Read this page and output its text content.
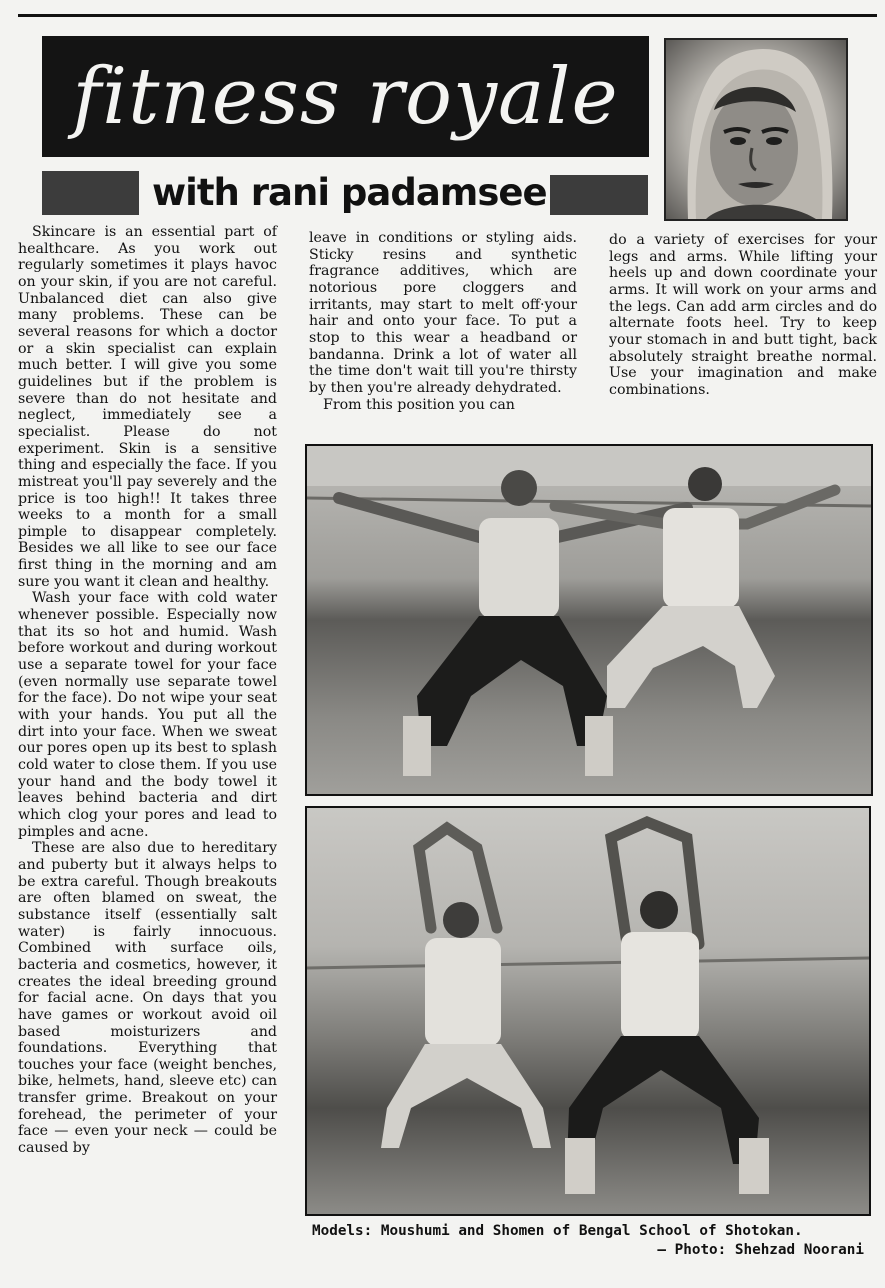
fitness royale
with rani padamsee

Skincare is an essential part of healthcare. As you work out regularly sometimes it plays havoc on your skin, if you are not careful. Unbalanced diet can also give many problems. These can be several reasons for which a doctor or a skin specialist can explain much better. I will give you some guidelines but if the problem is severe than do not hesitate and neglect, immediately see a specialist. Please do not experiment. Skin is a sensitive thing and especially the face. If you mistreat you'll pay severely and the price is too high!! It takes three weeks to a month for a small pimple to disappear completely. Besides we all like to see our face first thing in the morning and am sure you want it clean and healthy.

Wash your face with cold water whenever possible. Especially now that its so hot and humid. Wash before workout and during workout use a separate towel for your face (even normally use separate towel for the face). Do not wipe your seat with your hands. You put all the dirt into your face. When we sweat our pores open up its best to splash cold water to close them. If you use your hand and the body towel it leaves behind bacteria and dirt which clog your pores and lead to pimples and acne.

These are also due to hereditary and puberty but it always helps to be extra careful. Though breakouts are often blamed on sweat, the substance itself (essentially salt water) is fairly innocuous. Combined with surface oils, bacteria and cosmetics, however, it creates the ideal breeding ground for facial acne. On days that you have games or workout avoid oil based moisturizers and foundations. Everything that touches your face (weight benches, bike, helmets, hand, sleeve etc) can transfer grime. Breakout on your forehead, the perimeter of your face — even your neck — could be caused by

leave in conditions or styling aids. Sticky resins and synthetic fragrance additives, which are notorious pore cloggers and irritants, may start to melt off·your hair and onto your face. To put a stop to this wear a headband or bandanna. Drink a lot of water all the time don't wait till you're thirsty by then you're already dehydrated.

From this position you can

do a variety of exercises for your legs and arms. While lifting your heels up and down coordinate your arms. It will work on your arms and the legs. Can add arm circles and do alternate foots heel. Try to keep your stomach in and butt tight, back absolutely straight breathe normal. Use your imagination and make combinations.

Models: Moushumi and Shomen of Bengal School of Shotokan.
— Photo: Shehzad Noorani
